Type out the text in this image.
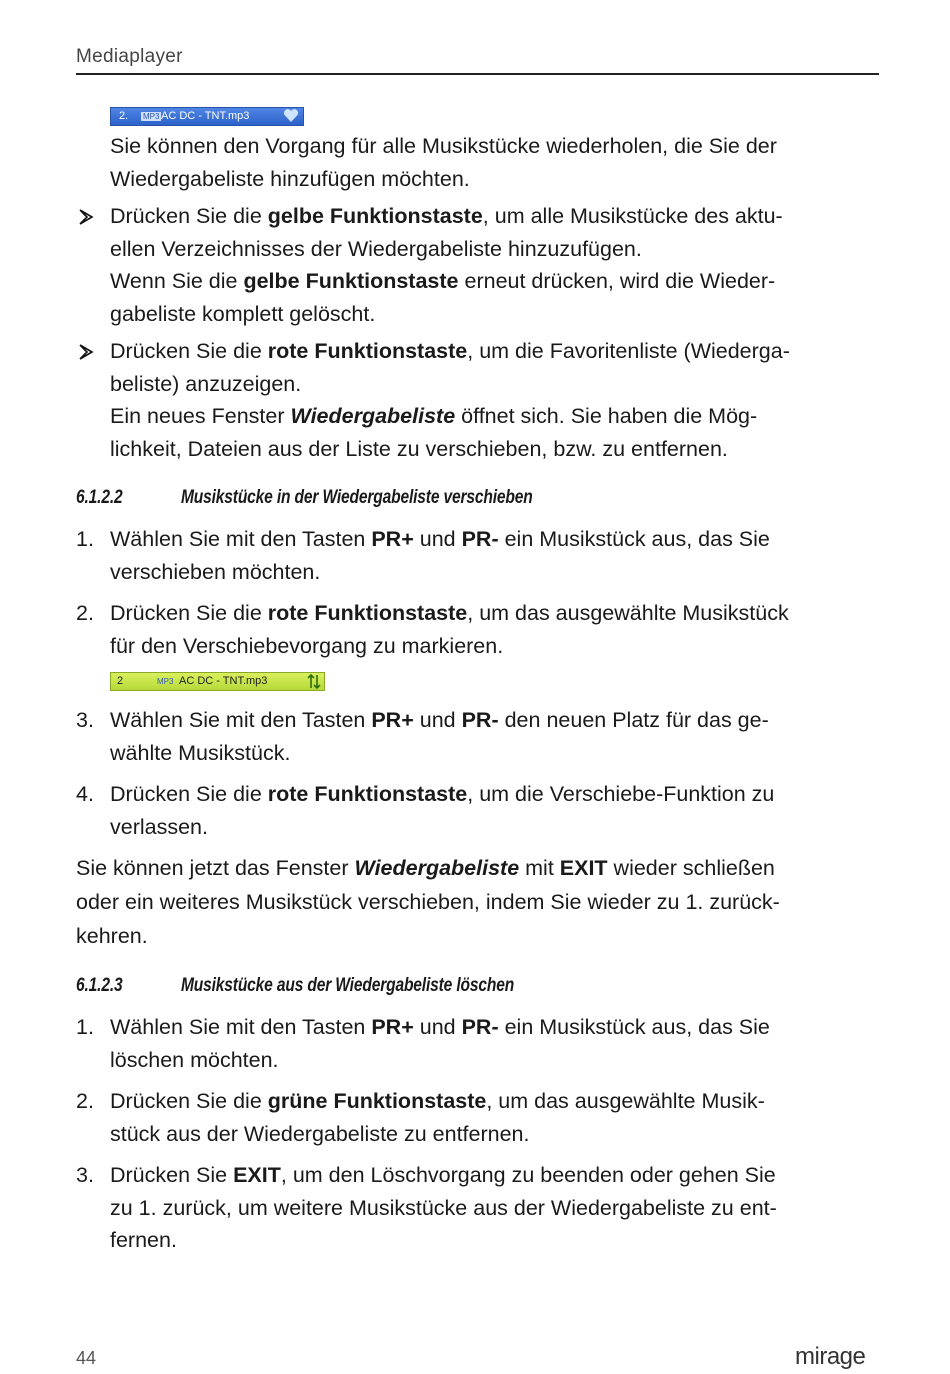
Mediaplayer
2. MP3 AC DC - TNT.mp3
Sie können den Vorgang für alle Musikstücke wiederholen, die Sie der Wiedergabeliste hinzufügen möchten.
Drücken Sie die gelbe Funktionstaste, um alle Musikstücke des aktu-
ellen Verzeichnisses der Wiedergabeliste hinzuzufügen.
Wenn Sie die gelbe Funktionstaste erneut drücken, wird die Wieder-
gabeliste komplett gelöscht.
Drücken Sie die rote Funktionstaste, um die Favoritenliste (Wiederga-
beliste) anzuzeigen.
Ein neues Fenster Wiedergabeliste öffnet sich. Sie haben die Mög-
lichkeit, Dateien aus der Liste zu verschieben, bzw. zu entfernen.
6.1.2.2	Musikstücke in der Wiedergabeliste verschieben
1. Wählen Sie mit den Tasten PR+ und PR- ein Musikstück aus, das Sie
verschieben möchten.
2. Drücken Sie die rote Funktionstaste, um das ausgewählte Musikstück
für den Verschiebevorgang zu markieren.
2	MP3 AC DC - TNT.mp3
3. Wählen Sie mit den Tasten PR+ und PR- den neuen Platz für das ge-
wählte Musikstück.
4. Drücken Sie die rote Funktionstaste, um die Verschiebe-Funktion zu
verlassen.
Sie können jetzt das Fenster Wiedergabeliste mit EXIT wieder schließen
oder ein weiteres Musikstück verschieben, indem Sie wieder zu 1. zurück-
kehren.
6.1.2.3	Musikstücke aus der Wiedergabeliste löschen
1. Wählen Sie mit den Tasten PR+ und PR- ein Musikstück aus, das Sie
löschen möchten.
2. Drücken Sie die grüne Funktionstaste, um das ausgewählte Musik-
stück aus der Wiedergabeliste zu entfernen.
3. Drücken Sie EXIT, um den Löschvorgang zu beenden oder gehen Sie
zu 1. zurück, um weitere Musikstücke aus der Wiedergabeliste zu ent-
fernen.
44	mirage
